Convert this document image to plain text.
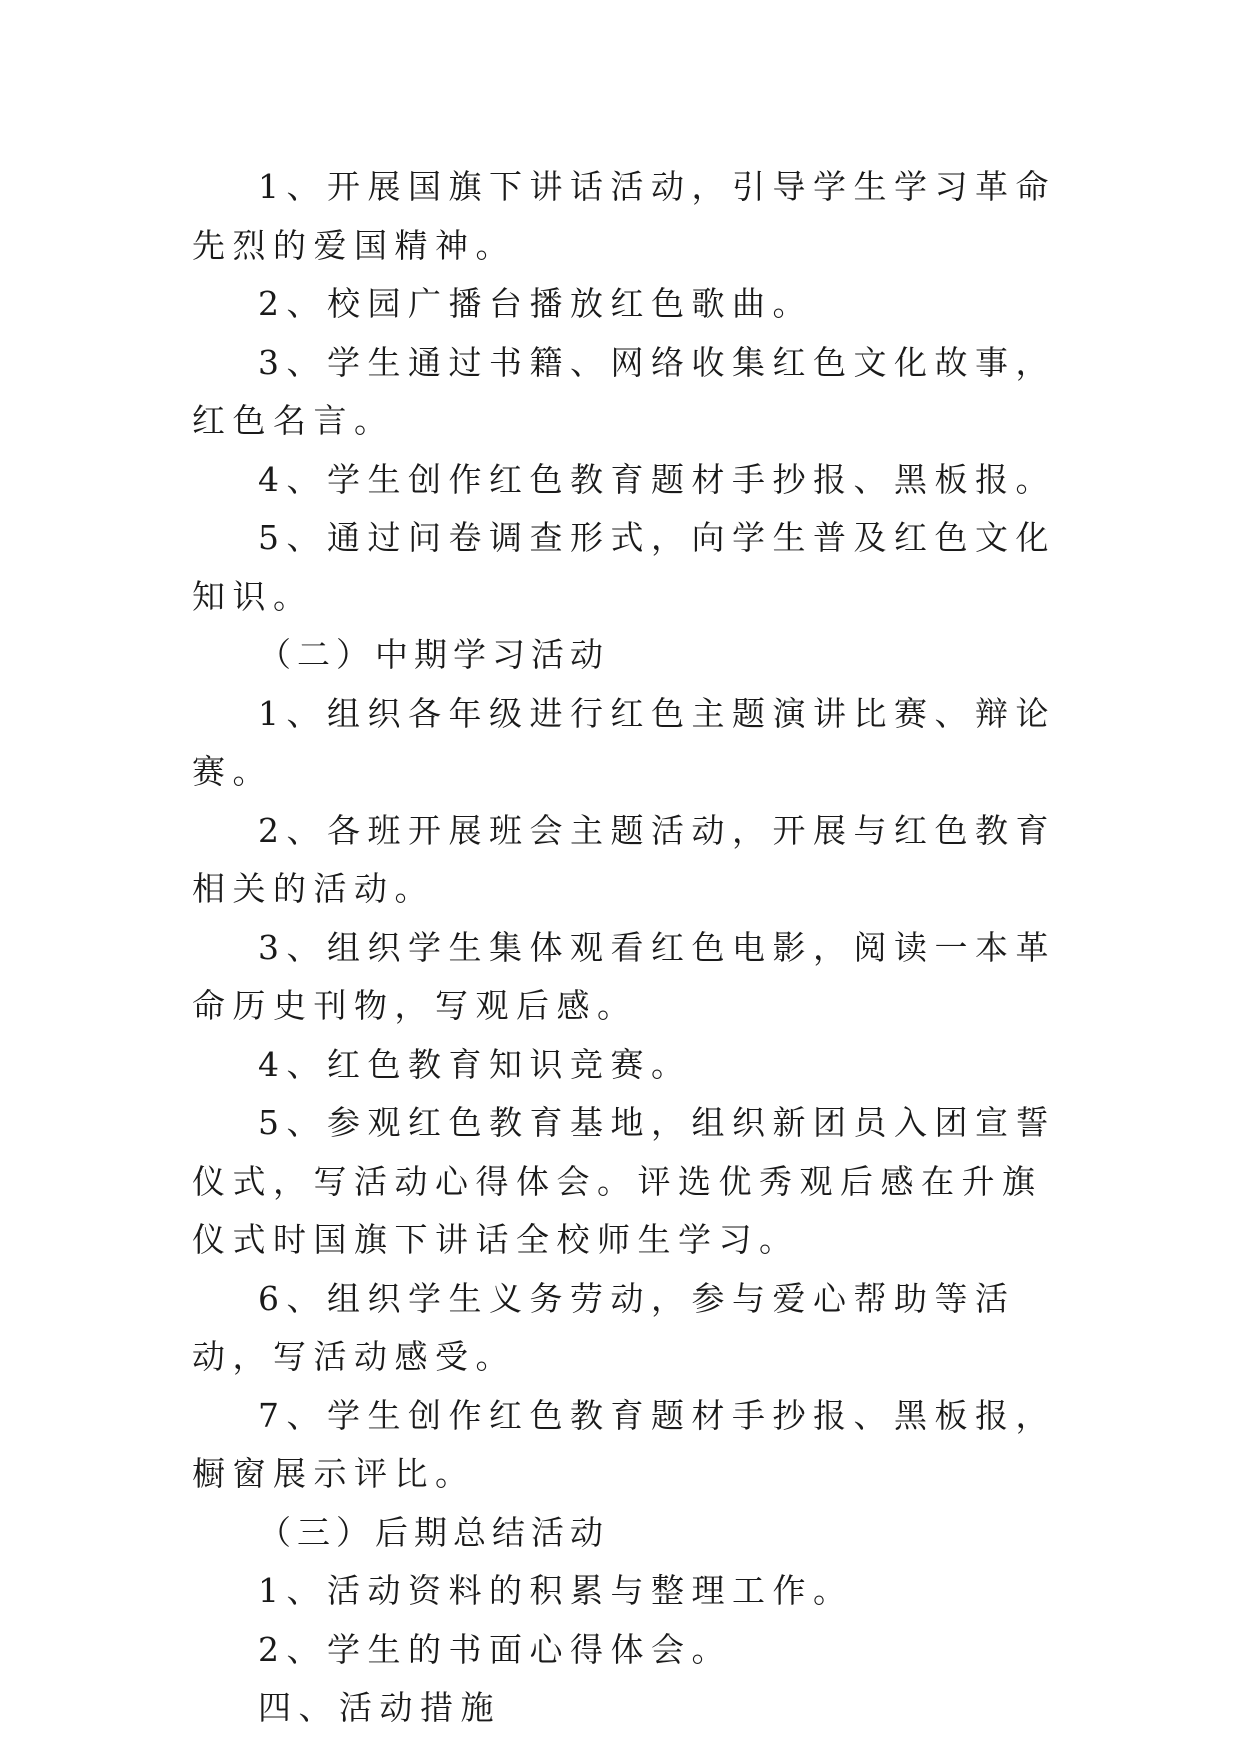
1、开展国旗下讲话活动，引导学生学习革命先烈的爱国精神。

2、校园广播台播放红色歌曲。

3、学生通过书籍、网络收集红色文化故事，红色名言。

4、学生创作红色教育题材手抄报、黑板报。

5、通过问卷调查形式，向学生普及红色文化知识。

（二）中期学习活动

1、组织各年级进行红色主题演讲比赛、辩论赛。

2、各班开展班会主题活动，开展与红色教育相关的活动。

3、组织学生集体观看红色电影，阅读一本革命历史刊物，写观后感。

4、红色教育知识竞赛。

5、参观红色教育基地，组织新团员入团宣誓仪式，写活动心得体会。评选优秀观后感在升旗仪式时国旗下讲话全校师生学习。

6、组织学生义务劳动，参与爱心帮助等活动，写活动感受。

7、学生创作红色教育题材手抄报、黑板报，橱窗展示评比。

（三）后期总结活动

1、活动资料的积累与整理工作。

2、学生的书面心得体会。

四、活动措施
